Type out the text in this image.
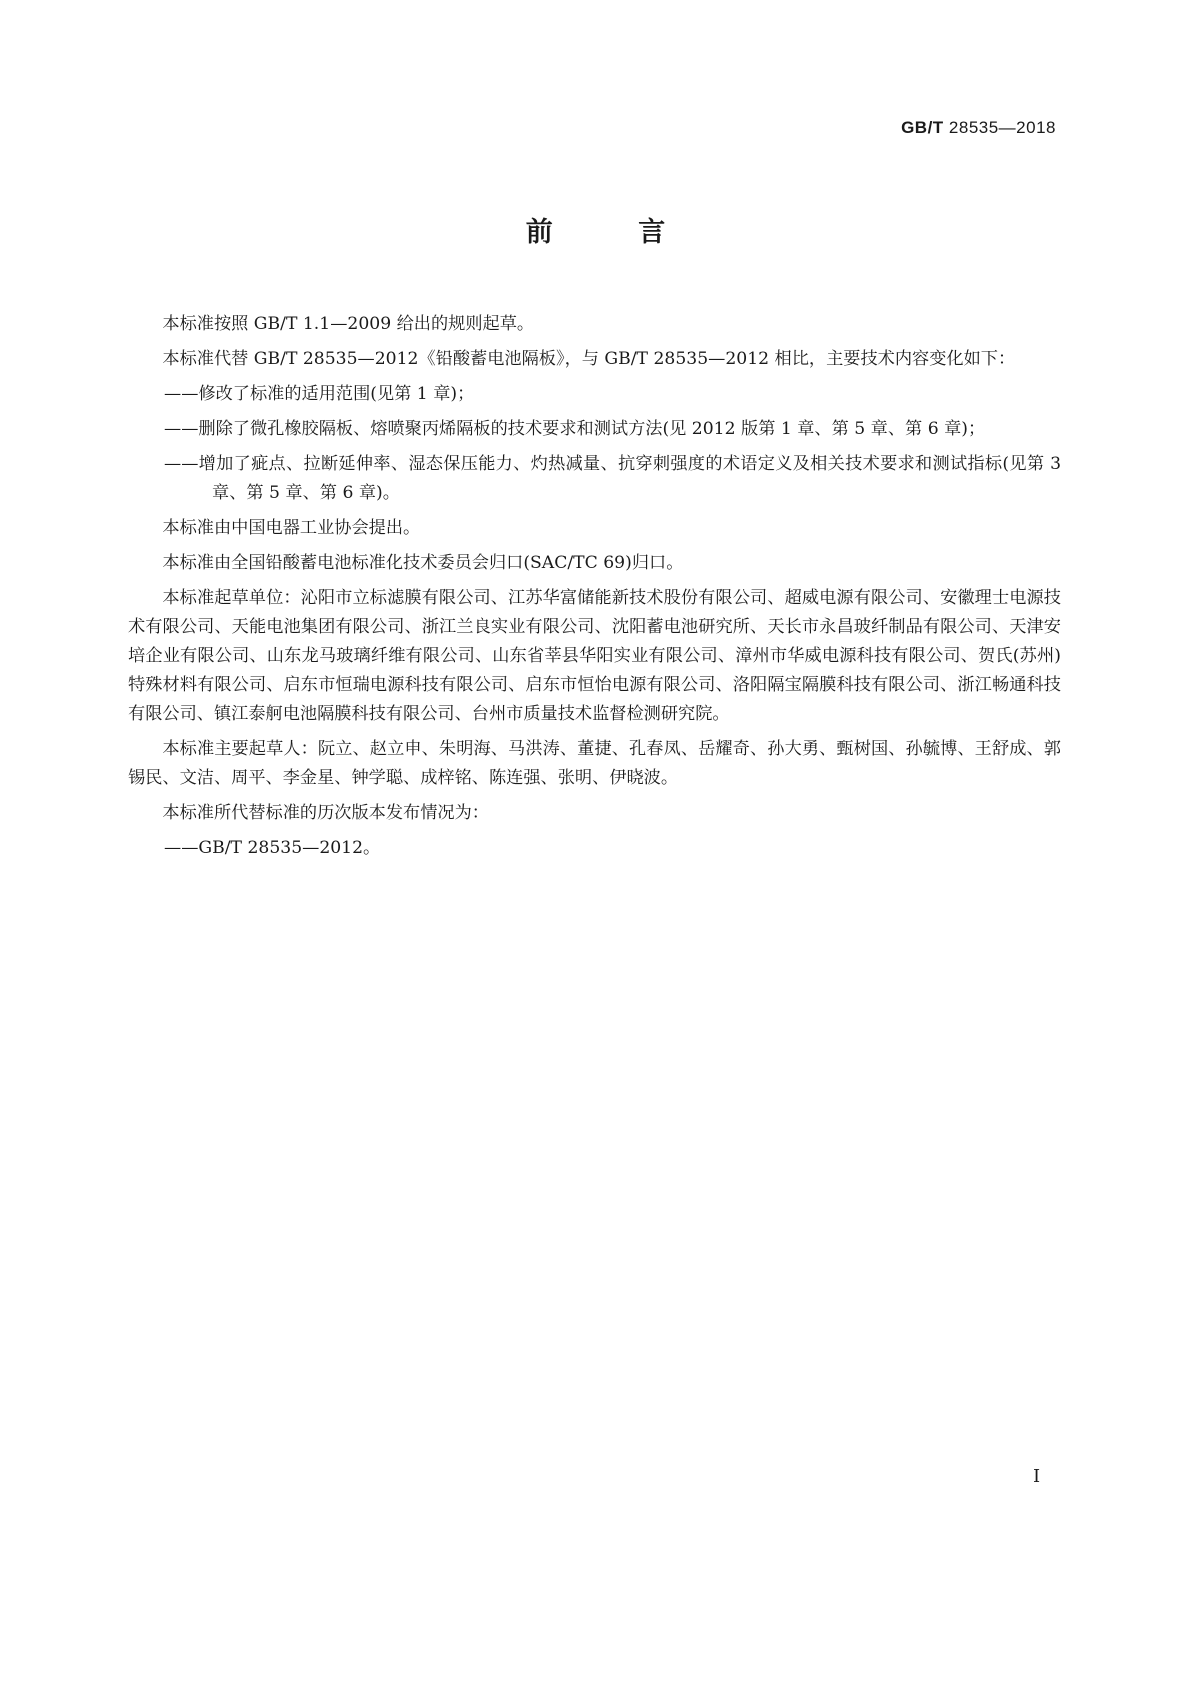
GB/T 28535—2018
前 言

本标准按照 GB/T 1.1—2009 给出的规则起草。

本标准代替 GB/T 28535—2012《铅酸蓄电池隔板》，与 GB/T 28535—2012 相比，主要技术内容变化如下：

——修改了标准的适用范围(见第 1 章)；

——删除了微孔橡胶隔板、熔喷聚丙烯隔板的技术要求和测试方法(见 2012 版第 1 章、第 5 章、第 6 章)；

——增加了疵点、拉断延伸率、湿态保压能力、灼热减量、抗穿刺强度的术语定义及相关技术要求和测试指标(见第 3 章、第 5 章、第 6 章)。

本标准由中国电器工业协会提出。

本标准由全国铅酸蓄电池标准化技术委员会归口(SAC/TC 69)归口。

本标准起草单位：沁阳市立标滤膜有限公司、江苏华富储能新技术股份有限公司、超威电源有限公司、安徽理士电源技术有限公司、天能电池集团有限公司、浙江兰良实业有限公司、沈阳蓄电池研究所、天长市永昌玻纤制品有限公司、天津安培企业有限公司、山东龙马玻璃纤维有限公司、山东省莘县华阳实业有限公司、漳州市华威电源科技有限公司、贺氏(苏州)特殊材料有限公司、启东市恒瑞电源科技有限公司、启东市恒怡电源有限公司、洛阳隔宝隔膜科技有限公司、浙江畅通科技有限公司、镇江泰舸电池隔膜科技有限公司、台州市质量技术监督检测研究院。

本标准主要起草人：阮立、赵立申、朱明海、马洪涛、董捷、孔春凤、岳耀奇、孙大勇、甄树国、孙毓博、王舒成、郭锡民、文洁、周平、李金星、钟学聪、成梓铭、陈连强、张明、伊晓波。

本标准所代替标准的历次版本发布情况为：

——GB/T 28535—2012。

I
